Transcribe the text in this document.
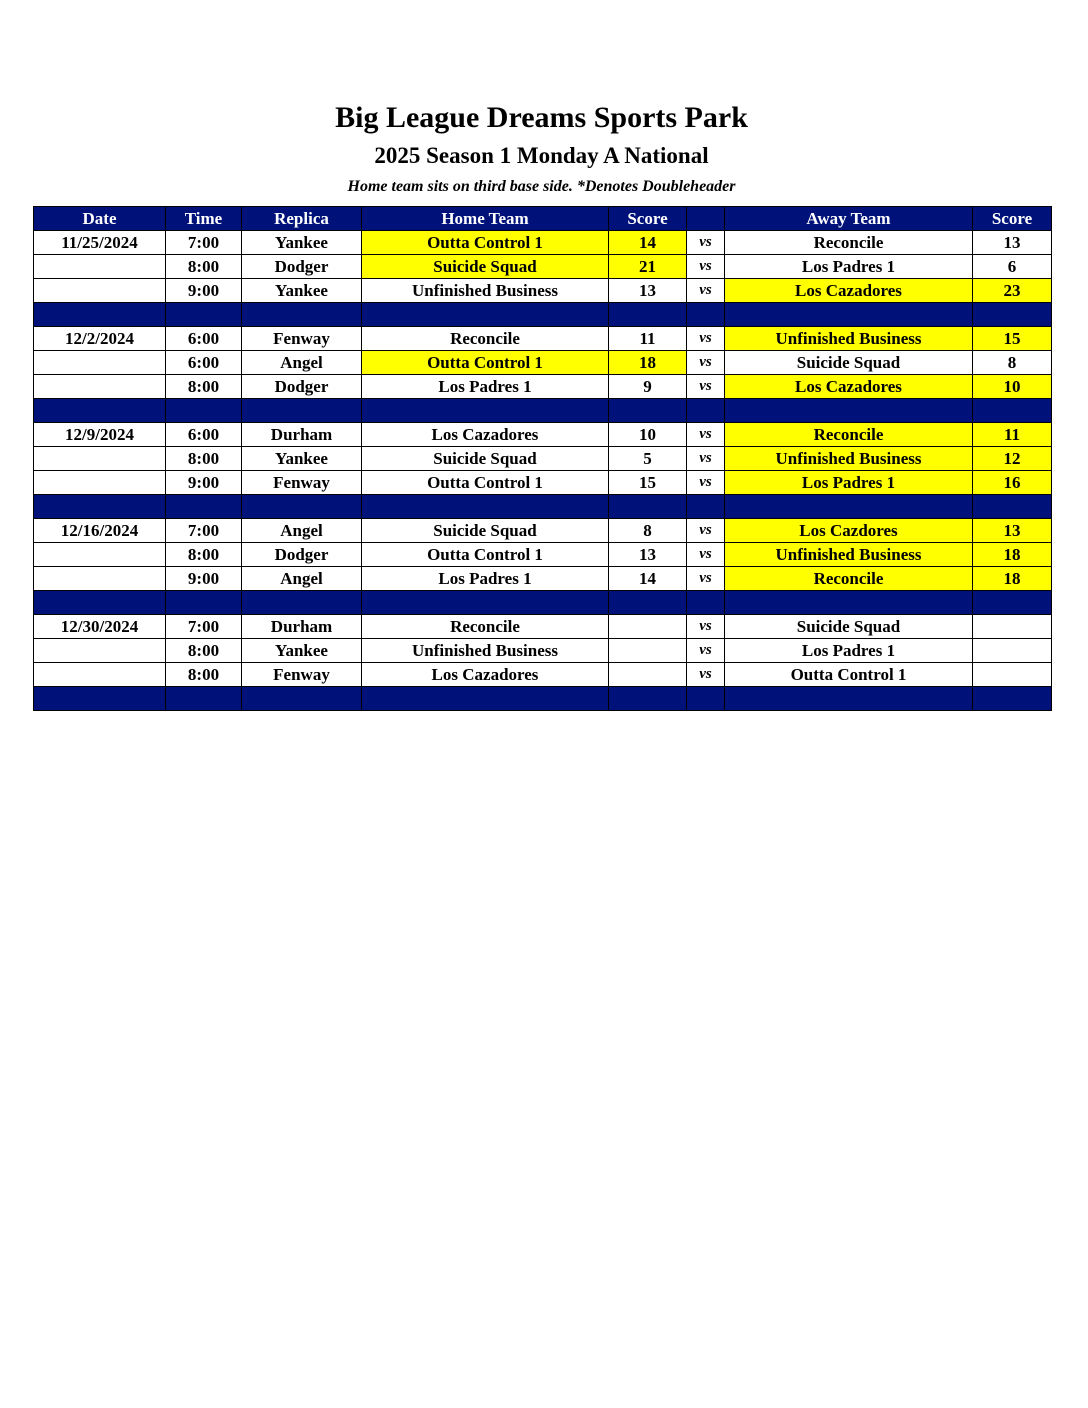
Big League Dreams Sports Park
2025 Season 1 Monday A National
Home team sits on third base side. *Denotes Doubleheader
Date	Time	Replica	Home Team	Score		Away Team	Score
11/25/2024	7:00	Yankee	Outta Control 1	14	vs	Reconcile	13
	8:00	Dodger	Suicide Squad	21	vs	Los Padres 1	6
	9:00	Yankee	Unfinished Business	13	vs	Los Cazadores	23

12/2/2024	6:00	Fenway	Reconcile	11	vs	Unfinished Business	15
	6:00	Angel	Outta Control 1	18	vs	Suicide Squad	8
	8:00	Dodger	Los Padres 1	9	vs	Los Cazadores	10

12/9/2024	6:00	Durham	Los Cazadores	10	vs	Reconcile	11
	8:00	Yankee	Suicide Squad	5	vs	Unfinished Business	12
	9:00	Fenway	Outta Control 1	15	vs	Los Padres 1	16

12/16/2024	7:00	Angel	Suicide Squad	8	vs	Los Cazdores	13
	8:00	Dodger	Outta Control 1	13	vs	Unfinished Business	18
	9:00	Angel	Los Padres 1	14	vs	Reconcile	18

12/30/2024	7:00	Durham	Reconcile		vs	Suicide Squad	
	8:00	Yankee	Unfinished Business		vs	Los Padres 1	
	8:00	Fenway	Los Cazadores		vs	Outta Control 1	
